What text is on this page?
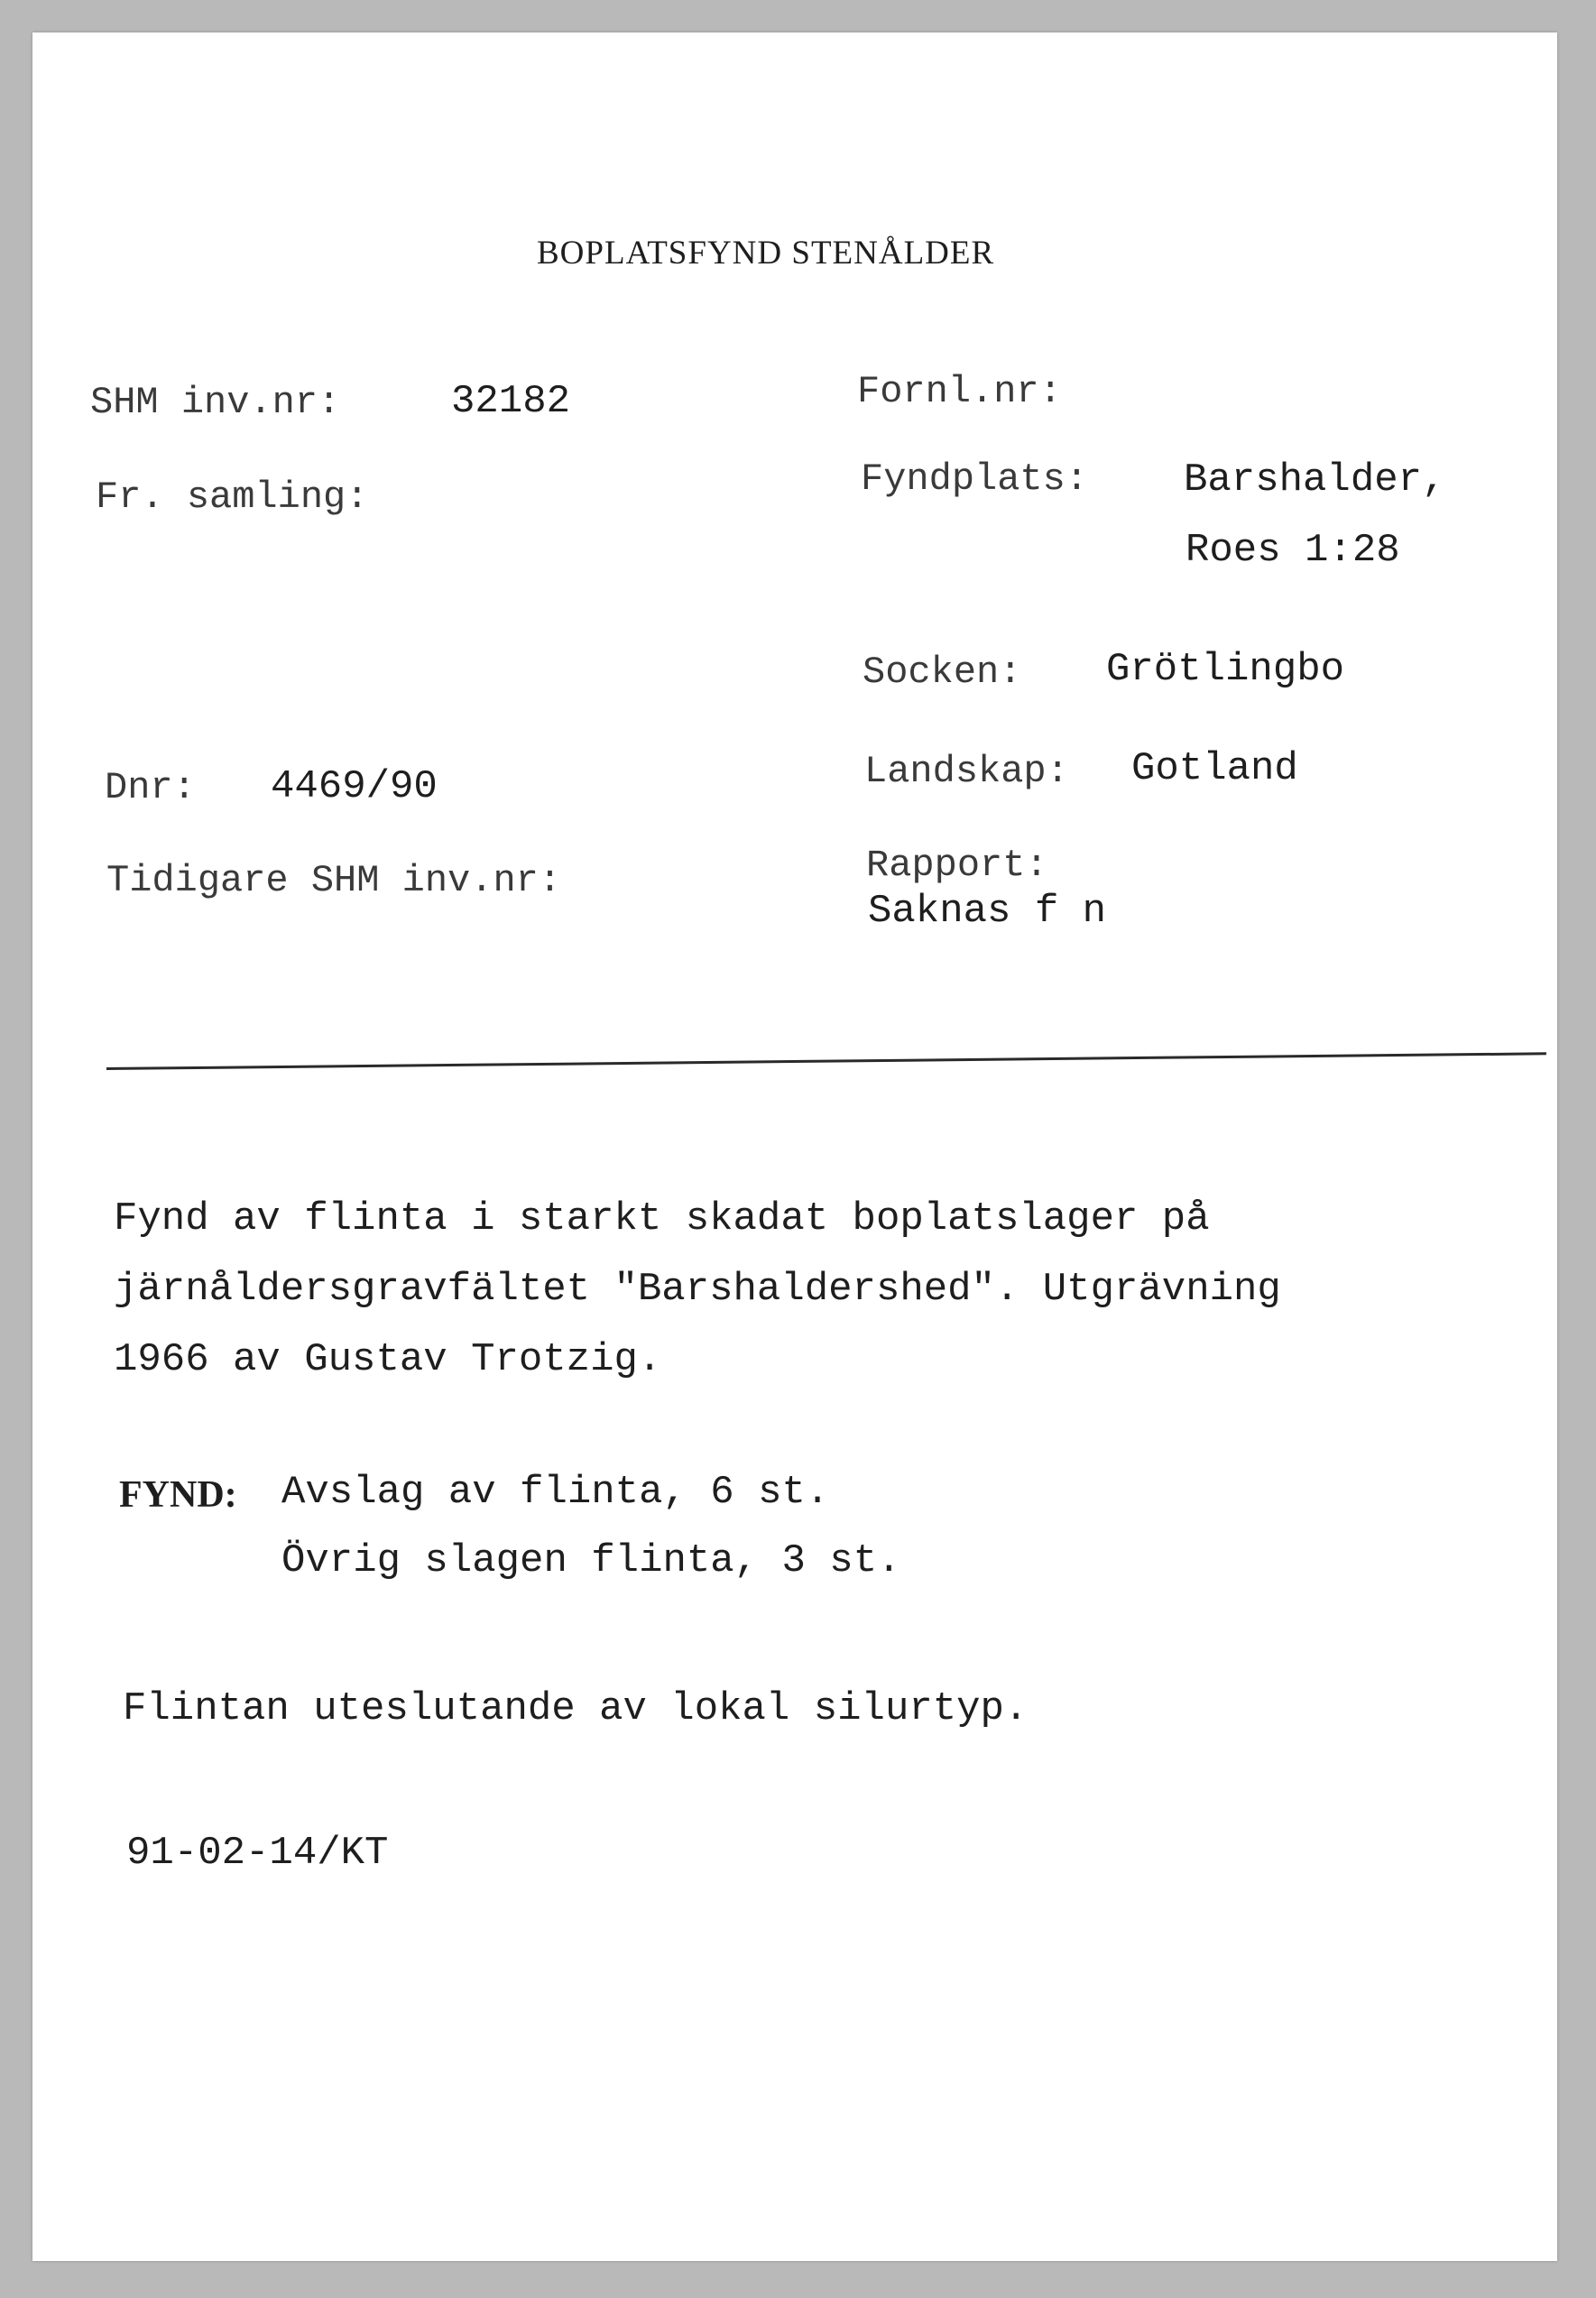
BOPLATSFYND STENÅLDER
SHM inv.nr:	32182	Fornl.nr:
Fr. samling:	Fyndplats: Barshalder,
Roes 1:28
Socken: Grötlingbo
Dnr: 4469/90	Landskap: Gotland
Tidigare SHM inv.nr:	Rapport:
Saknas f n
Fynd av flinta i starkt skadat boplatslager på
järnåldersgravfältet "Barshaldershed". Utgrävning
1966 av Gustav Trotzig.
FYND: Avslag av flinta, 6 st.
Övrig slagen flinta, 3 st.
Flintan uteslutande av lokal silurtyp.
91-02-14/KT
